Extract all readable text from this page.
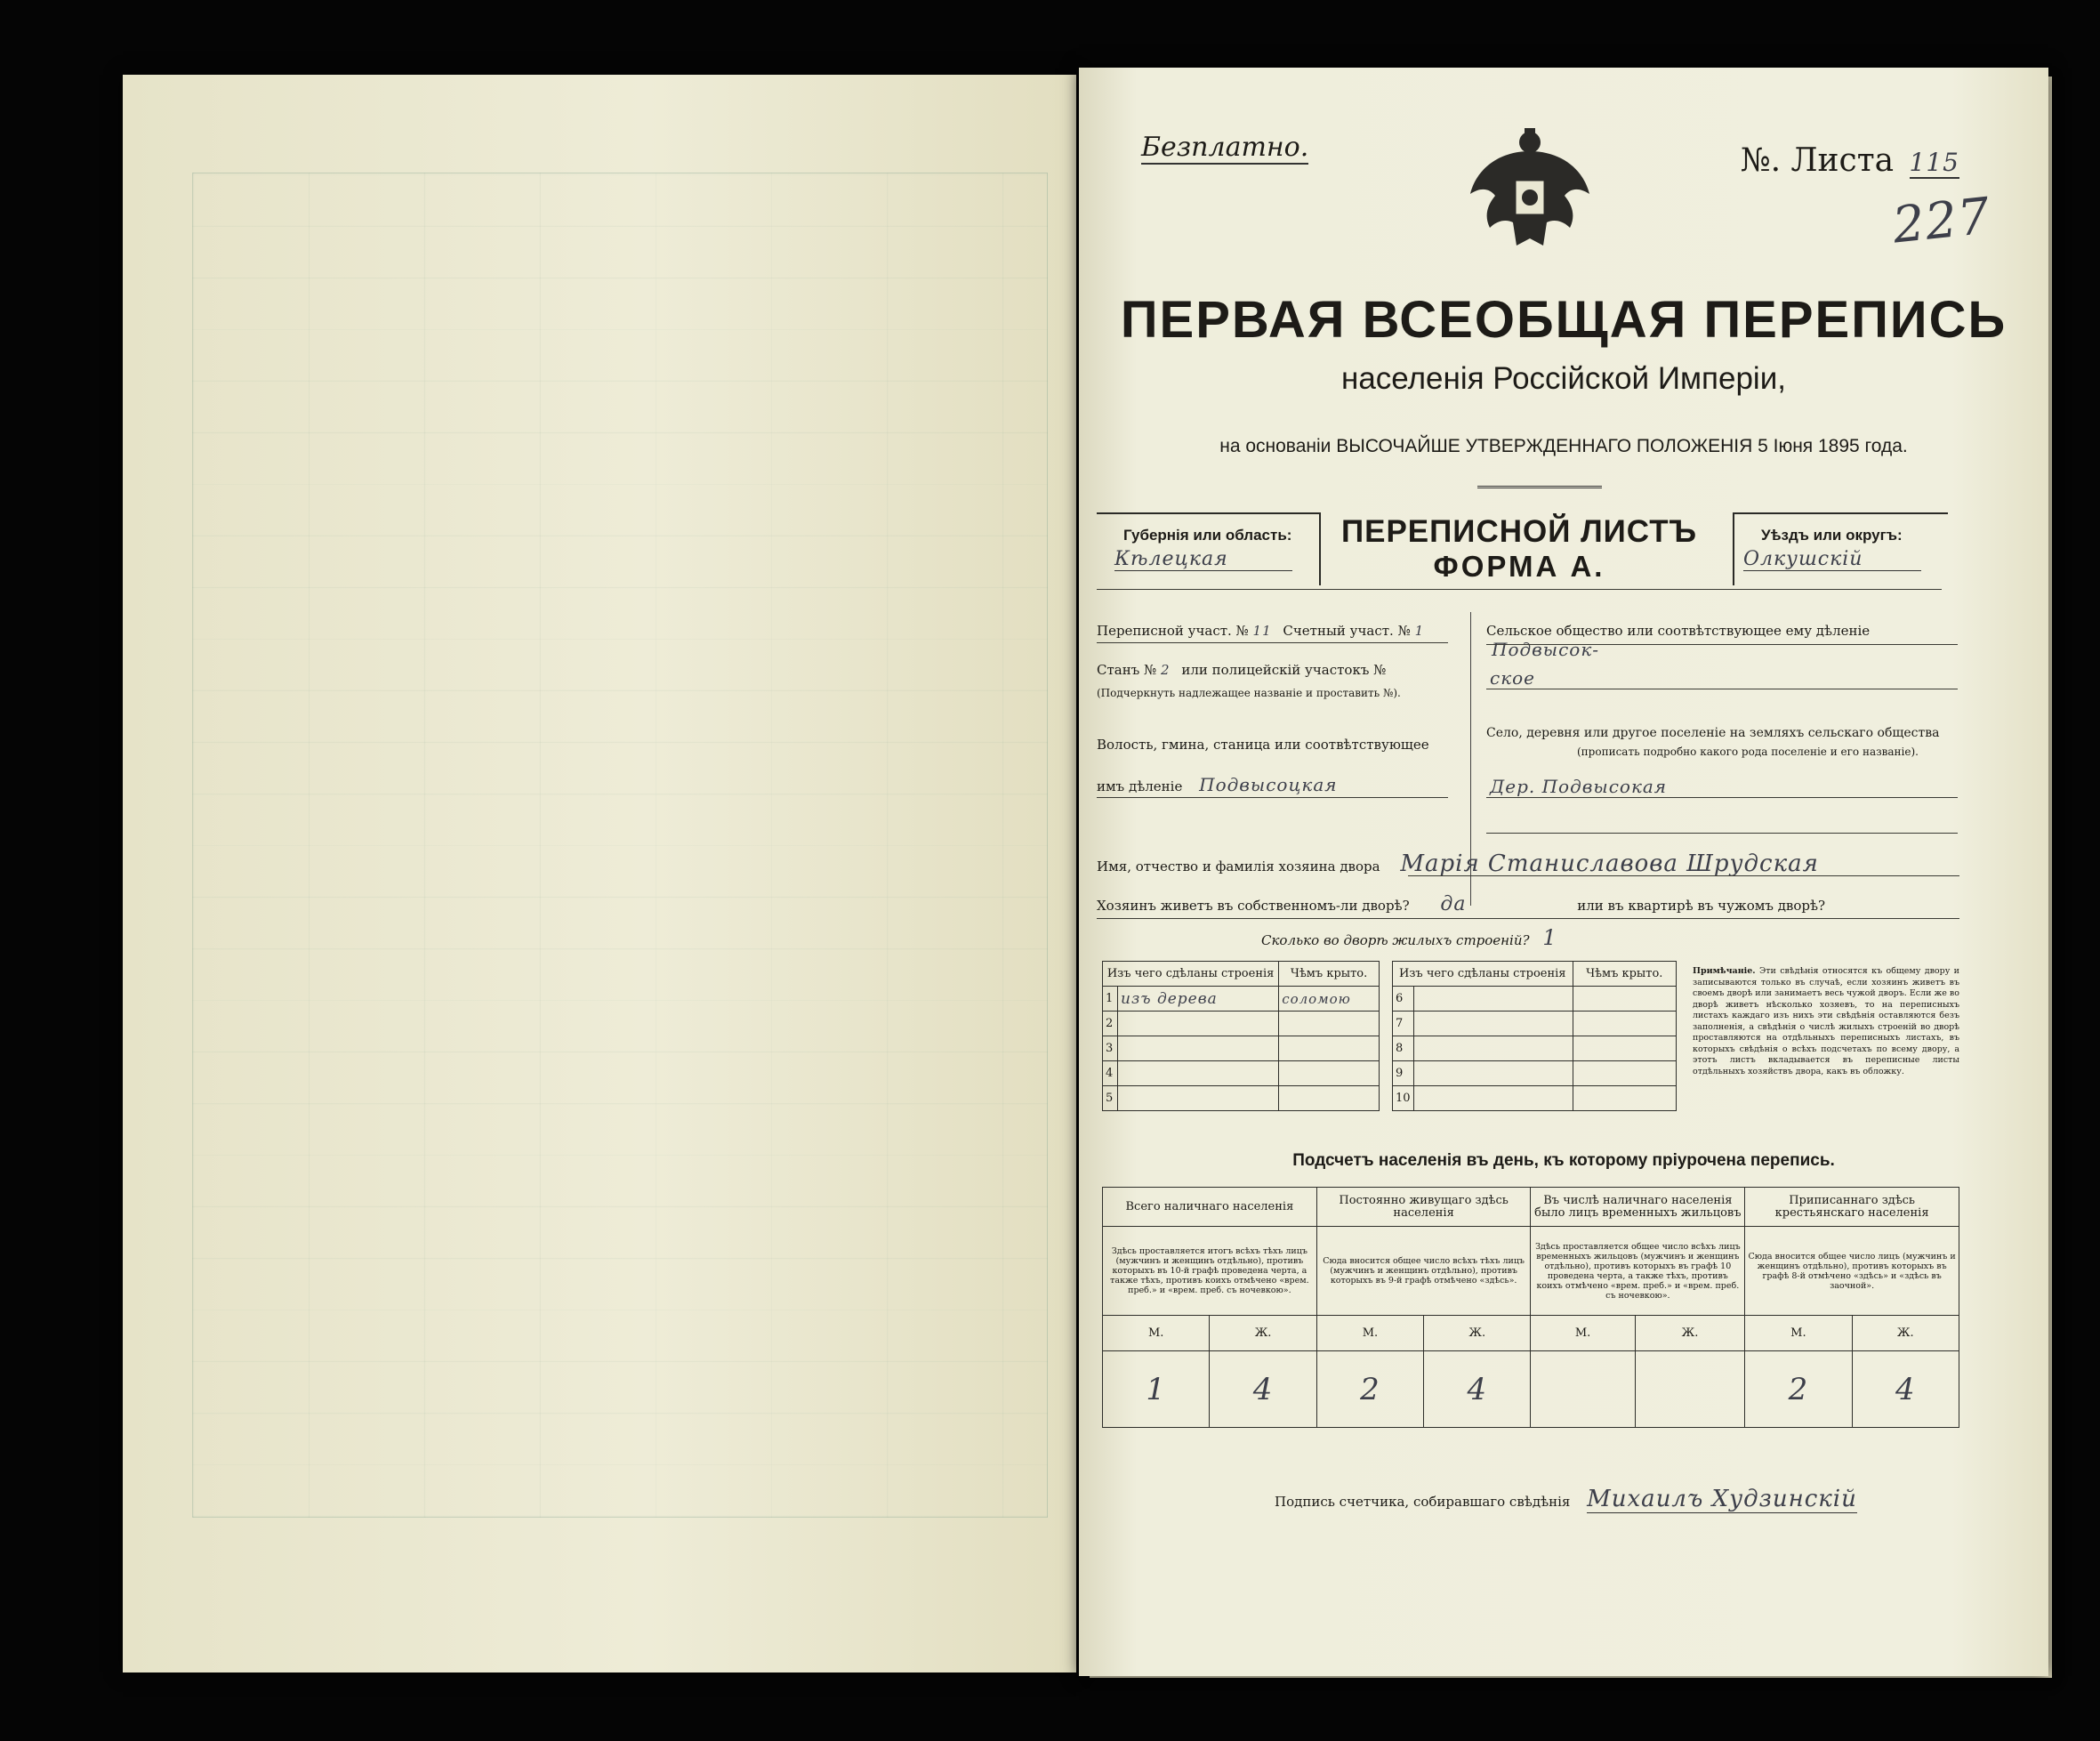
Безплатно.	№. Листа 115
227
ПЕРВАЯ ВСЕОБЩАЯ ПЕРЕПИСЬ
населенія Россійской Имперіи,
на основаніи ВЫСОЧАЙШЕ УТВЕРЖДЕННАГО ПОЛОЖЕНІЯ 5 Іюня 1895 года.
Губернія или область:
Кѣлецкая
ПЕРЕПИСНОЙ ЛИСТЪ
ФОРМА А.
Уѣздъ или округъ:
Олкушскій
Переписной участ. № 11 Счетный участ. № 1
Станъ № 2 или полицейскій участокъ №
(Подчеркнуть надлежащее названіе и проставить №).
Волость, гмина, станица или соотвѣтствующее
имъ дѣленіе Подвысоцкая
Сельское общество или соотвѣтствующее ему дѣленіе Подвысок-
ское
Село, деревня или другое поселеніе на земляхъ сельскаго общества
(прописать подробно какого рода поселеніе и его названіе).
Дер. Подвысокая
Имя, отчество и фамилія хозяина двора Марія Станиславова Шрудская
Хозяинъ живетъ въ собственномъ-ли дворѣ? да	или въ квартирѣ въ чужомъ дворѣ?
Сколько во дворѣ жилыхъ строеній? 1
Изъ чего сдѣланы строенія		Чѣмъ крыто.
1	изъ дерева	соломою
2		
3		
4		
5		
Изъ чего сдѣланы строенія		Чѣмъ крыто.
6		
7		
8		
9		
10		
Примѣчаніе. Эти свѣдѣнія относятся къ общему двору и записываются только въ случаѣ, если хозяинъ живетъ въ своемъ дворѣ или занимаетъ весь чужой дворъ. Если же во дворѣ живетъ нѣсколько хозяевъ, то на переписныхъ листахъ каждаго изъ нихъ эти свѣдѣнія оставляются безъ заполненія, а свѣдѣнія о числѣ жилыхъ строеній во дворѣ проставляются на отдѣльныхъ переписныхъ листахъ, въ которыхъ свѣдѣнія о всѣхъ подсчетахъ по всему двору, а этотъ листъ вкладывается въ переписные листы отдѣльныхъ хозяйствъ двора, какъ въ обложку.
Подсчетъ населенія въ день, къ которому пріурочена перепись.
Всего наличнаго населенія		Постоянно живущаго здѣсь населенія		Въ числѣ наличнаго населенія было лицъ временныхъ жильцовъ		Приписаннаго здѣсь крестьянскаго населенія	
Здѣсь проставляется итогъ всѣхъ тѣхъ лицъ (мужчинъ и женщинъ отдѣльно), противъ которыхъ въ 10-й графѣ проведена черта, а также тѣхъ, противъ коихъ отмѣчено «врем. преб.» и «врем. преб. съ ночевкою».		Сюда вносится общее число всѣхъ тѣхъ лицъ (мужчинъ и женщинъ отдѣльно), противъ которыхъ въ 9-й графѣ отмѣчено «здѣсь».		Здѣсь проставляется общее число всѣхъ лицъ временныхъ жильцовъ (мужчинъ и женщинъ отдѣльно), противъ которыхъ въ графѣ 10 проведена черта, а также тѣхъ, противъ коихъ отмѣчено «врем. преб.» и «врем. преб. съ ночевкою».		Сюда вносится общее число лицъ (мужчинъ и женщинъ отдѣльно), противъ которыхъ въ графѣ 8-й отмѣчено «здѣсь» и «здѣсь въ заочной».	
М.	Ж.	М.	Ж.	М.	Ж.	М.	Ж.
1	4	2	4			2	4
Подпись счетчика, собиравшаго свѣдѣнія Михаилъ Худзинскій
